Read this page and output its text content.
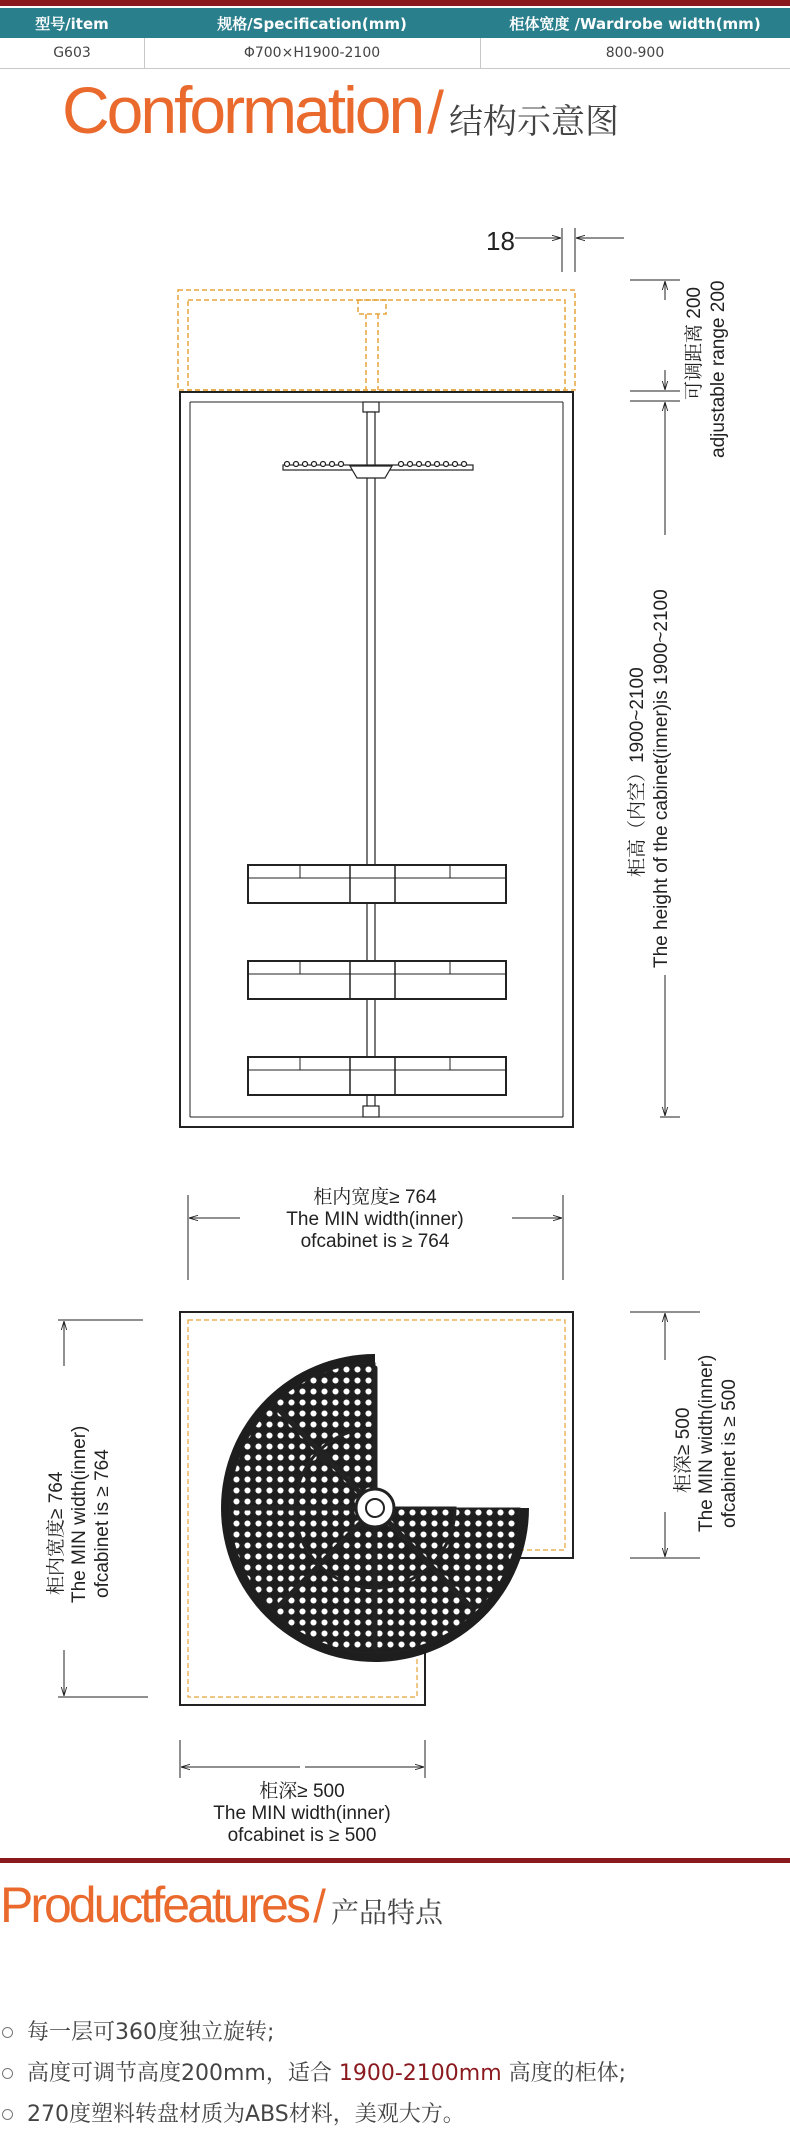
型号/item	规格/Specification(mm)	柜体宽度 /Wardrobe width(mm)
G603	Φ700×H1900-2100	800-900
Conformation / 结构示意图
18
可调距离 200 adjustable range 200
柜高（内空）1900~2100 The height of the cabinet(inner)is 1900~2100
柜内宽度≥ 764
The MIN width(inner)
ofcabinet is ≥ 764
柜内宽度≥ 764 The MIN width(inner) ofcabinet is ≥ 764	柜深≥ 500 The MIN width(inner) ofcabinet is ≥ 500
柜深≥ 500
The MIN width(inner)
ofcabinet is ≥ 500
Productfeatures / 产品特点
每一层可360度独立旋转;
高度可调节高度200mm，适合 1900-2100mm 高度的柜体;
270度塑料转盘材质为ABS材料，美观大方。
